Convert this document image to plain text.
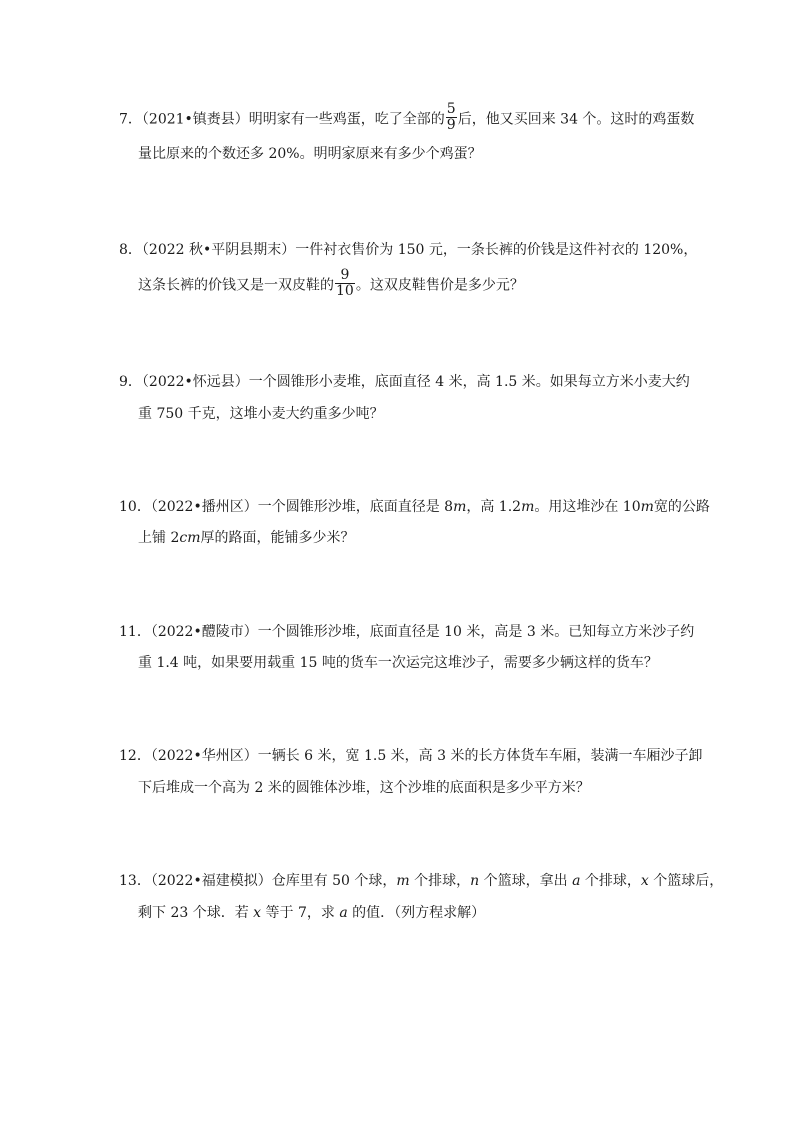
7．（2021•镇赉县）明明家有一些鸡蛋，吃了全部的 $\frac{5}{9}$ 后，他又买回来 34 个。这时的鸡蛋数
量比原来的个数还多 20%。明明家原来有多少个鸡蛋？
8．（2022 秋•平阴县期末）一件衬衣售价为 150 元，一条长裤的价钱是这件衬衣的 120%，
这条长裤的价钱又是一双皮鞋的 $\frac{9}{10}$ 。这双皮鞋售价是多少元？
9．（2022•怀远县）一个圆锥形小麦堆，底面直径 4 米，高 1.5 米。如果每立方米小麦大约
重 750 千克，这堆小麦大约重多少吨？
10．（2022•播州区）一个圆锥形沙堆，底面直径是 8m，高 1.2m。用这堆沙在 10m宽的公路
上铺 2cm厚的路面，能铺多少米？
11．（2022•醴陵市）一个圆锥形沙堆，底面直径是 10 米，高是 3 米。已知每立方米沙子约
重 1.4 吨，如果要用载重 15 吨的货车一次运完这堆沙子，需要多少辆这样的货车？
12．（2022•华州区）一辆长 6 米，宽 1.5 米，高 3 米的长方体货车车厢，装满一车厢沙子卸
下后堆成一个高为 2 米的圆锥体沙堆，这个沙堆的底面积是多少平方米？
13．（2022•福建模拟）仓库里有 50 个球，m 个排球，n 个篮球，拿出 a 个排球，x 个篮球后，
剩下 23 个球．若 x 等于 7，求 a 的值．（列方程求解）
